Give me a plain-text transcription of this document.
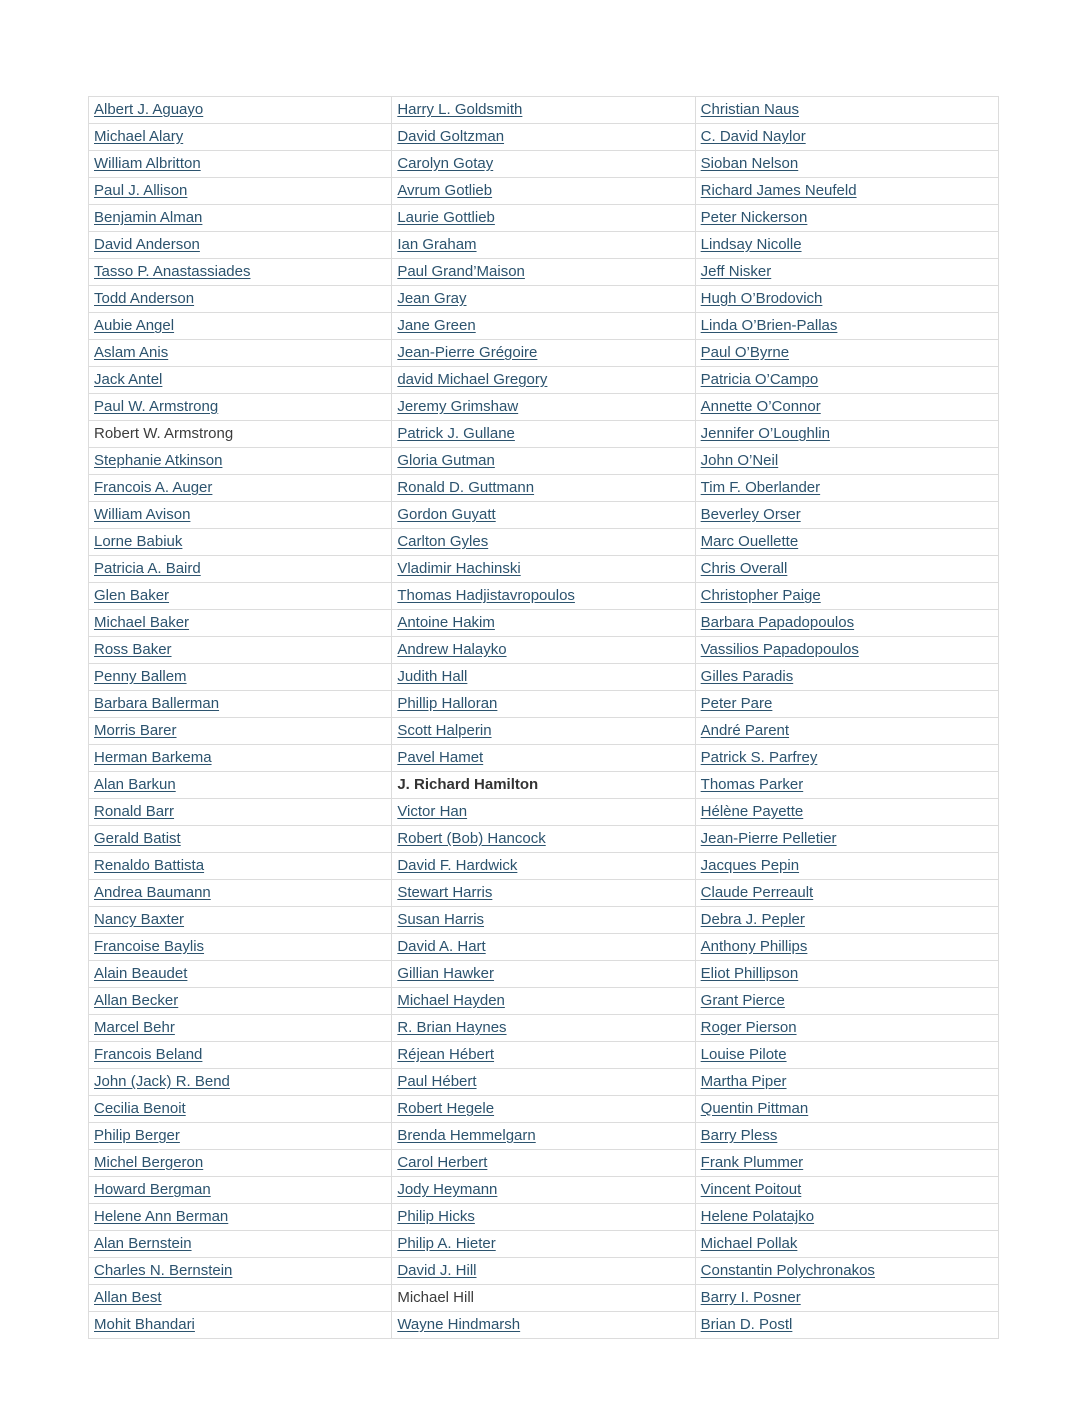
Albert J. Aguayo	Harry L. Goldsmith	Christian Naus
Michael Alary	David Goltzman	C. David Naylor
William Albritton	Carolyn Gotay	Sioban Nelson
Paul J. Allison	Avrum Gotlieb	Richard James Neufeld
Benjamin Alman	Laurie Gottlieb	Peter Nickerson
David Anderson	Ian Graham	Lindsay Nicolle
Tasso P. Anastassiades	Paul Grand’Maison	Jeff Nisker
Todd Anderson	Jean Gray	Hugh O’Brodovich
Aubie Angel	Jane Green	Linda O’Brien-Pallas
Aslam Anis	Jean-Pierre Grégoire	Paul O’Byrne
Jack Antel	david Michael Gregory	Patricia O’Campo
Paul W. Armstrong	Jeremy Grimshaw	Annette O’Connor
Robert W. Armstrong	Patrick J. Gullane	Jennifer O’Loughlin
Stephanie Atkinson	Gloria Gutman	John O’Neil
Francois A. Auger	Ronald D. Guttmann	Tim F. Oberlander
William Avison	Gordon Guyatt	Beverley Orser
Lorne Babiuk	Carlton Gyles	Marc Ouellette
Patricia A. Baird	Vladimir Hachinski	Chris Overall
Glen Baker	Thomas Hadjistavropoulos	Christopher Paige
Michael Baker	Antoine Hakim	Barbara Papadopoulos
Ross Baker	Andrew Halayko	Vassilios Papadopoulos
Penny Ballem	Judith Hall	Gilles Paradis
Barbara Ballerman	Phillip Halloran	Peter Pare
Morris Barer	Scott Halperin	André Parent
Herman Barkema	Pavel Hamet	Patrick S. Parfrey
Alan Barkun	J. Richard Hamilton	Thomas Parker
Ronald Barr	Victor Han	Hélène Payette
Gerald Batist	Robert (Bob) Hancock	Jean-Pierre Pelletier
Renaldo Battista	David F. Hardwick	Jacques Pepin
Andrea Baumann	Stewart Harris	Claude Perreault
Nancy Baxter	Susan Harris	Debra J. Pepler
Francoise Baylis	David A. Hart	Anthony Phillips
Alain Beaudet	Gillian Hawker	Eliot Phillipson
Allan Becker	Michael Hayden	Grant Pierce
Marcel Behr	R. Brian Haynes	Roger Pierson
Francois Beland	Réjean Hébert	Louise Pilote
John (Jack) R. Bend	Paul Hébert	Martha Piper
Cecilia Benoit	Robert Hegele	Quentin Pittman
Philip Berger	Brenda Hemmelgarn	Barry Pless
Michel Bergeron	Carol Herbert	Frank Plummer
Howard Bergman	Jody Heymann	Vincent Poitout
Helene Ann Berman	Philip Hicks	Helene Polatajko
Alan Bernstein	Philip A. Hieter	Michael Pollak
Charles N. Bernstein	David J. Hill	Constantin Polychronakos
Allan Best	Michael Hill	Barry I. Posner
Mohit Bhandari	Wayne Hindmarsh	Brian D. Postl
